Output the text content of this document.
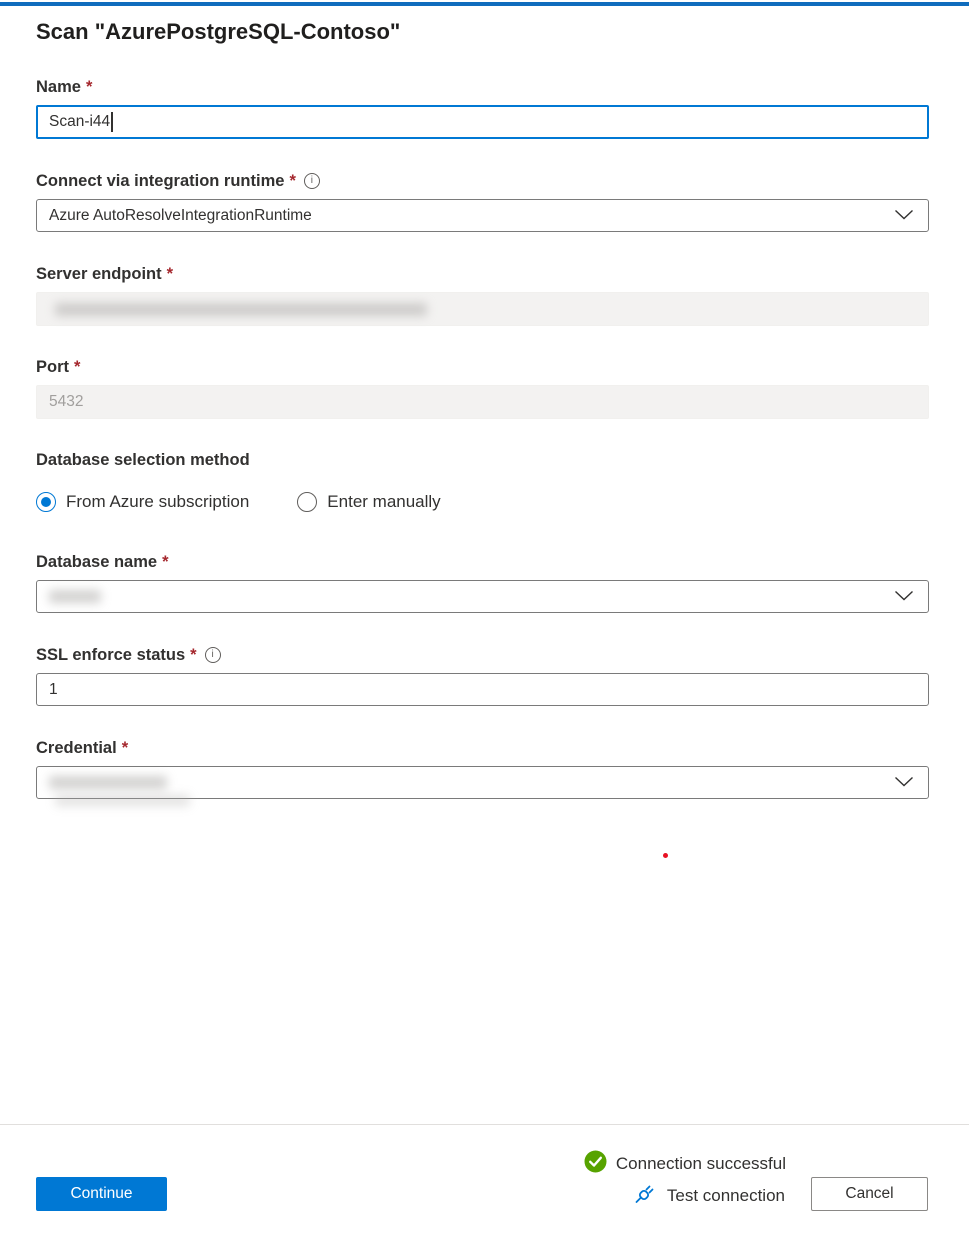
Scan "AzurePostgreSQL-Contoso"
Name *
Scan-i44
Connect via integration runtime *	i
Azure AutoResolveIntegrationRuntime
Server endpoint *
Port *
5432
Database selection method
From Azure subscription	Enter manually
Database name *
SSL enforce status *	i
1
Credential *
Continue
Connection successful
Test connection	Cancel
